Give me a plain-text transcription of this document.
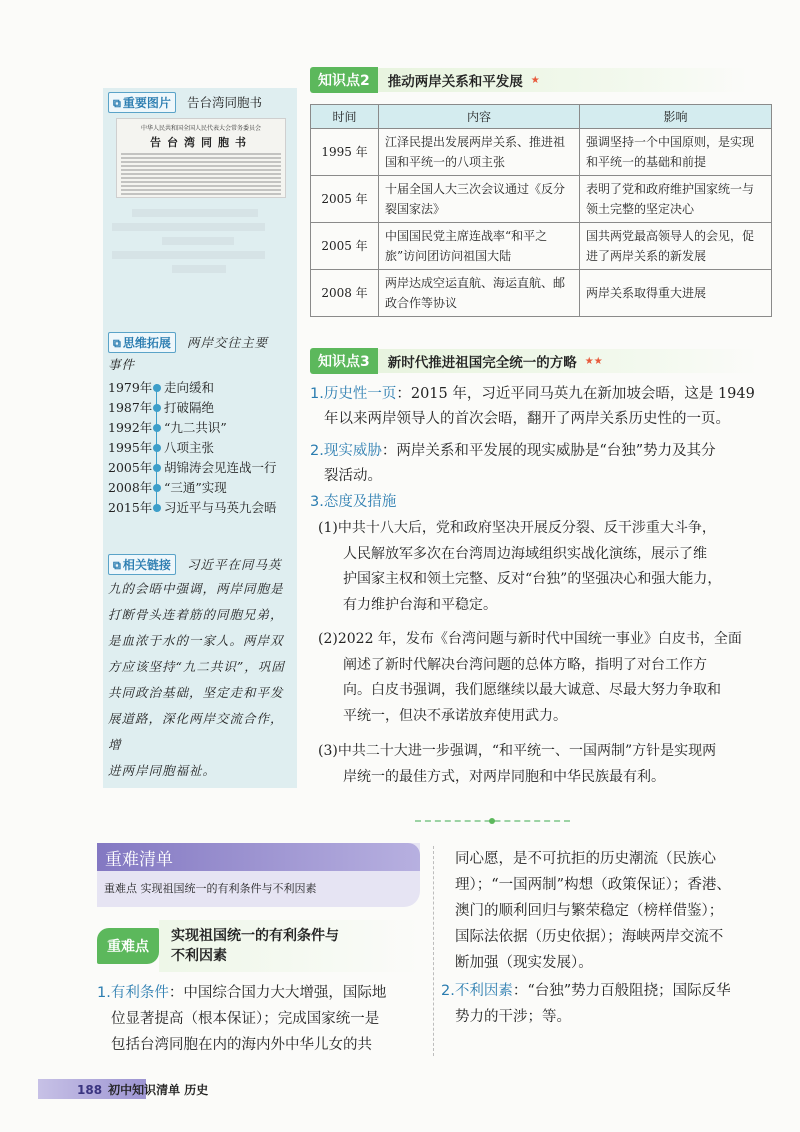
⧉ 重要图片 告台湾同胞书
中华人民共和国全国人民代表大会常务委员会
告台湾同胞书
⧉ 思维拓展 两岸交往主要
事件
1979年 走向缓和
1987年 打破隔绝
1992年 “九二共识”
1995年 八项主张
2005年 胡锦涛会见连战一行
2008年 “三通”实现
2015年 习近平与马英九会晤
⧉ 相关链接 习近平在同马英
九的会晤中强调，两岸同胞是
打断骨头连着筋的同胞兄弟，
是血浓于水的一家人。两岸双
方应该坚持“九二共识”，巩固
共同政治基础，坚定走和平发
展道路，深化两岸交流合作，增
进两岸同胞福祉。
知识点2	推动两岸关系和平发展 ★
时间	内容	影响
1995 年	江泽民提出发展两岸关系、推进祖国和平统一的八项主张	强调坚持一个中国原则，是实现和平统一的基础和前提
2005 年	十届全国人大三次会议通过《反分裂国家法》	表明了党和政府维护国家统一与领土完整的坚定决心
2005 年	中国国民党主席连战率“和平之旅”访问团访问祖国大陆	国共两党最高领导人的会见，促进了两岸关系的新发展
2008 年	两岸达成空运直航、海运直航、邮政合作等协议	两岸关系取得重大进展
知识点3	新时代推进祖国完全统一的方略 ★★
1.历史性一页：2015 年，习近平同马英九在新加坡会晤，这是 1949
年以来两岸领导人的首次会晤，翻开了两岸关系历史性的一页。
2.现实威胁：两岸关系和平发展的现实威胁是“台独”势力及其分
裂活动。
3.态度及措施
(1)中共十八大后，党和政府坚决开展反分裂、反干涉重大斗争，
人民解放军多次在台湾周边海域组织实战化演练，展示了维
护国家主权和领土完整、反对“台独”的坚强决心和强大能力，
有力维护台海和平稳定。
(2)2022 年，发布《台湾问题与新时代中国统一事业》白皮书，全面
阐述了新时代解决台湾问题的总体方略，指明了对台工作方
向。白皮书强调，我们愿继续以最大诚意、尽最大努力争取和
平统一，但决不承诺放弃使用武力。
(3)中共二十大进一步强调，“和平统一、一国两制”方针是实现两
岸统一的最佳方式，对两岸同胞和中华民族最有利。
重难清单
重难点 实现祖国统一的有利条件与不利因素
重难点
实现祖国统一的有利条件与
不利因素
1.有利条件：中国综合国力大大增强，国际地
位显著提高（根本保证）；完成国家统一是
包括台湾同胞在内的海内外中华儿女的共
同心愿，是不可抗拒的历史潮流（民族心
理）；“一国两制”构想（政策保证）；香港、
澳门的顺利回归与繁荣稳定（榜样借鉴）；
国际法依据（历史依据）；海峡两岸交流不
断加强（现实发展）。
2.不利因素：“台独”势力百般阻挠；国际反华
势力的干涉；等。
188 初中知识清单 历史
